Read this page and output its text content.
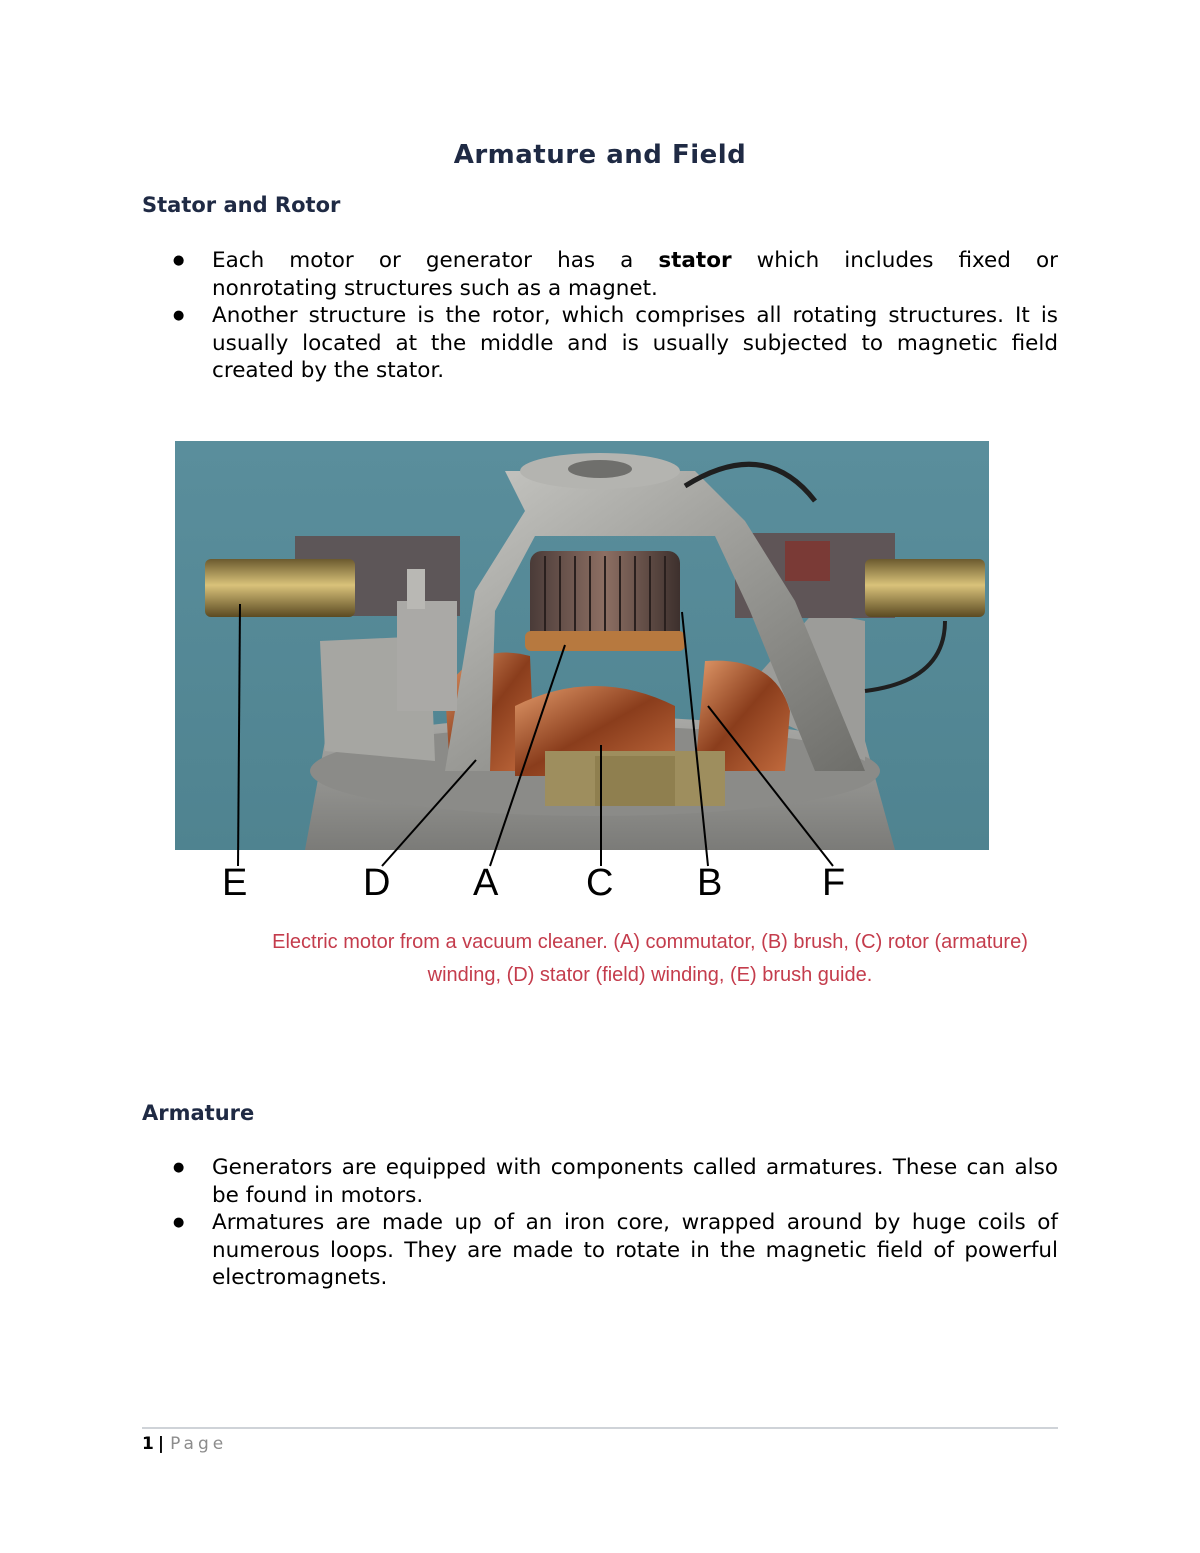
Armature and Field
Stator and Rotor
● Each motor or generator has a stator which includes fixed or
● nonrotating structures such as a magnet.
● Another structure is the rotor, which comprises all rotating structures. It is usually located at the middle and is usually subjected to magnetic field created by the stator.
E	D A C B	F
Electric motor from a vacuum cleaner. (A) commutator, (B) brush, (C) rotor (armature)
winding, (D) stator (field) winding, (E) brush guide.
Armature
● Generators are equipped with components called armatures. These can also be found in motors.
● Armatures are made up of an iron core, wrapped around by huge coils of numerous loops. They are made to rotate in the magnetic field of powerful electromagnets.
1 | Page
